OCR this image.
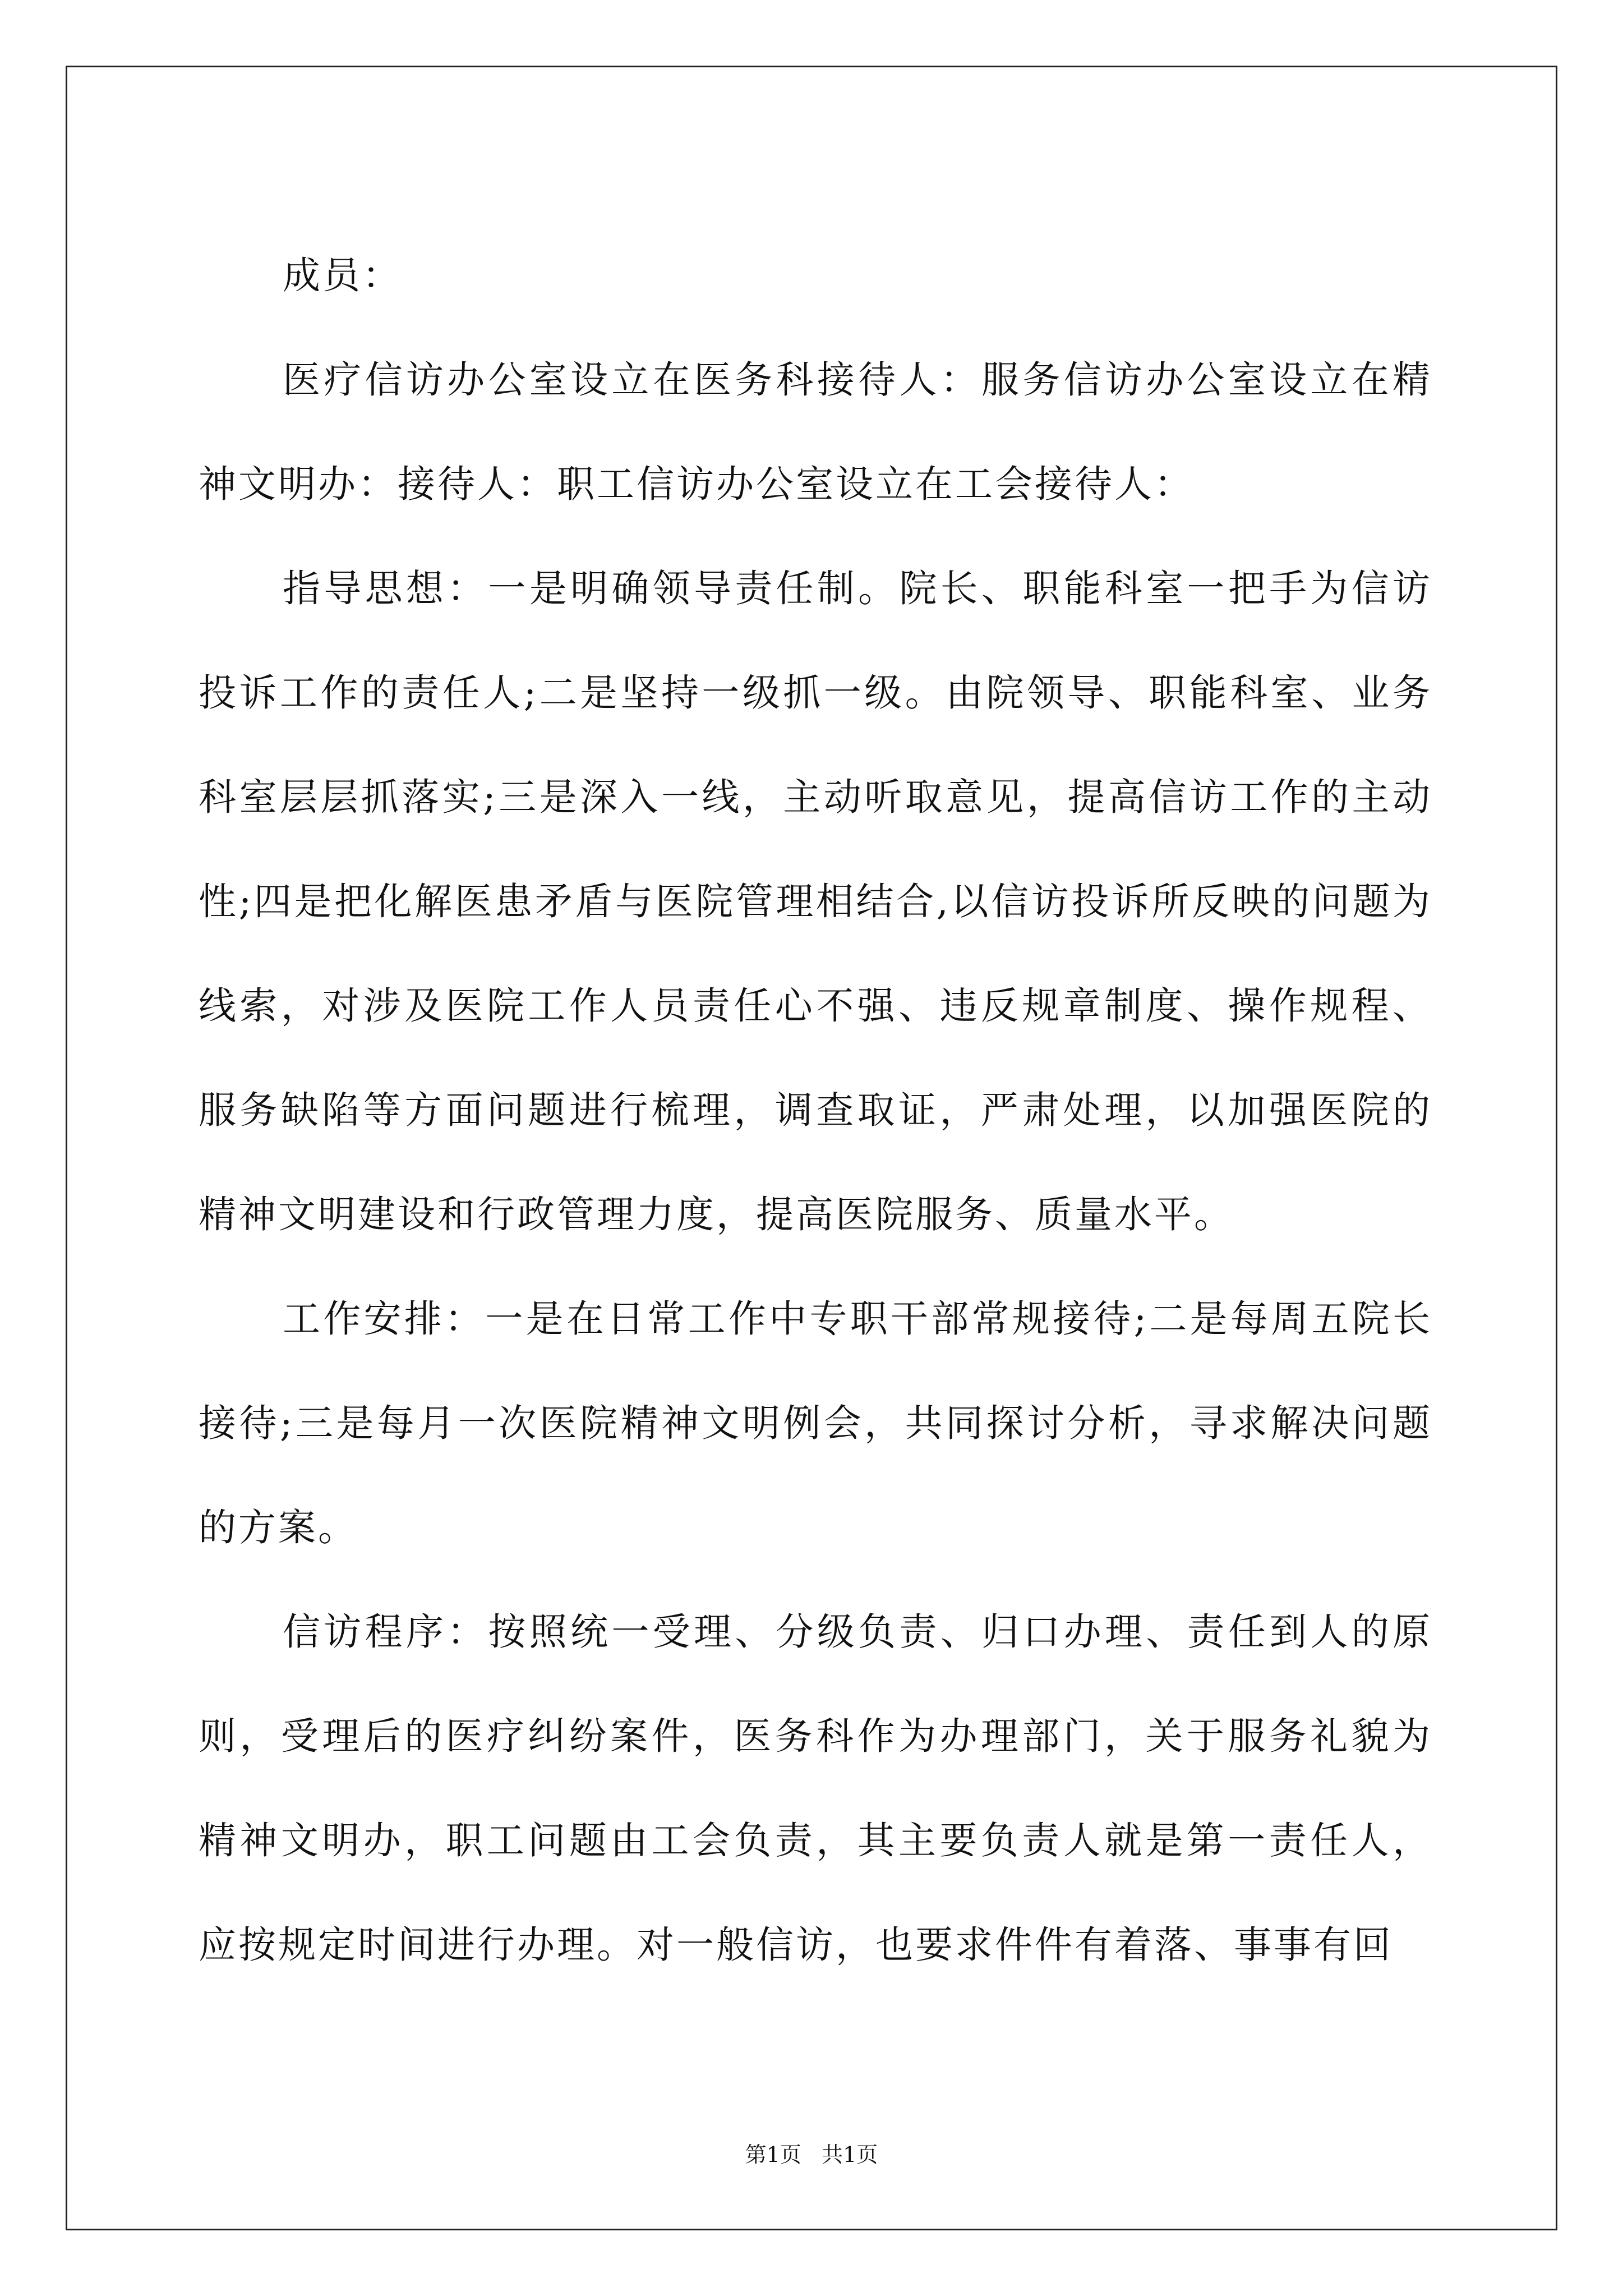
成员：

医疗信访办公室设立在医务科接待人：服务信访办公室设立在精神文明办：接待人：职工信访办公室设立在工会接待人：

指导思想：一是明确领导责任制。院长、职能科室一把手为信访投诉工作的责任人;二是坚持一级抓一级。由院领导、职能科室、业务科室层层抓落实;三是深入一线，主动听取意见，提高信访工作的主动性;四是把化解医患矛盾与医院管理相结合,以信访投诉所反映的问题为线索，对涉及医院工作人员责任心不强、违反规章制度、操作规程、服务缺陷等方面问题进行梳理，调查取证，严肃处理，以加强医院的精神文明建设和行政管理力度，提高医院服务、质量水平。

工作安排：一是在日常工作中专职干部常规接待;二是每周五院长接待;三是每月一次医院精神文明例会，共同探讨分析，寻求解决问题的方案。

信访程序：按照统一受理、分级负责、归口办理、责任到人的原则，受理后的医疗纠纷案件，医务科作为办理部门，关于服务礼貌为精神文明办，职工问题由工会负责，其主要负责人就是第一责任人，应按规定时间进行办理。对一般信访，也要求件件有着落、事事有回

第1页   共1页
